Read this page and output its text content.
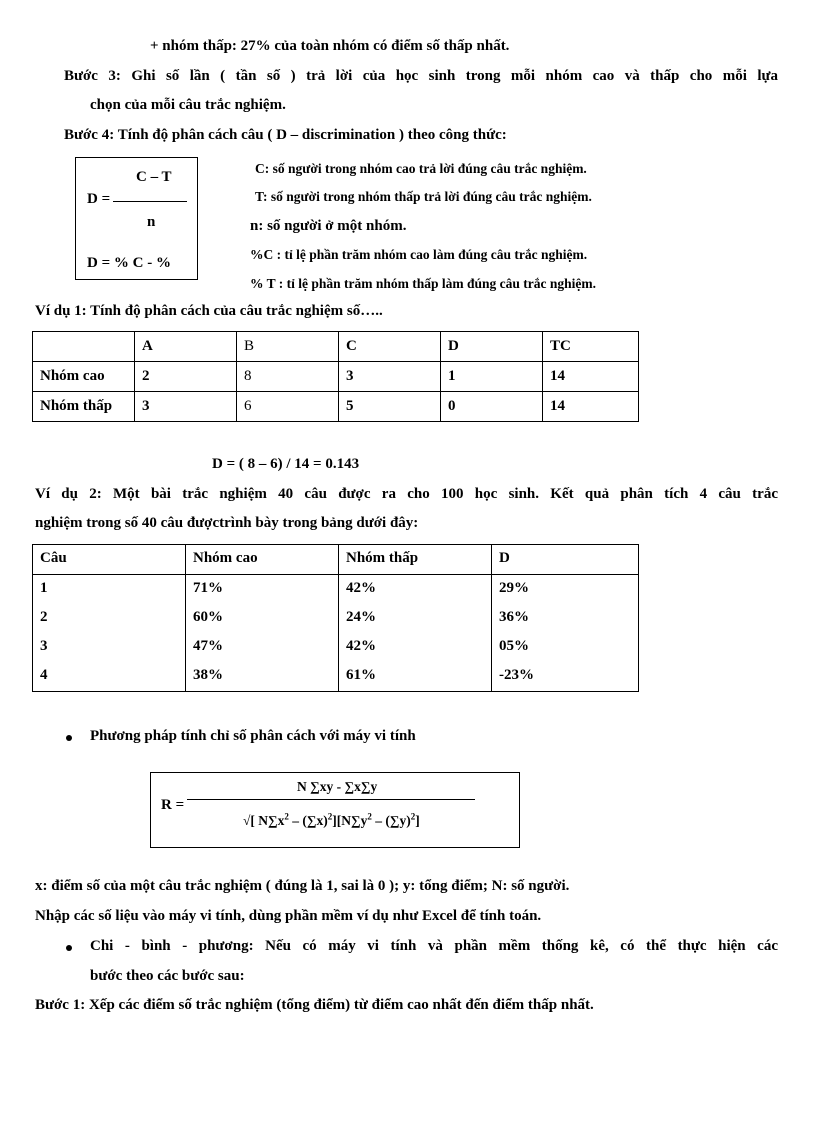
+ nhóm thấp: 27% của toàn nhóm có điểm số thấp nhất.
Bước 3: Ghi số lần ( tần số ) trả lời của học sinh trong mỗi nhóm cao và thấp cho mỗi lựa
chọn của mỗi câu trắc nghiệm.
Bước 4: Tính độ phân cách câu ( D – discrimination ) theo công thức:
C – T
D =
n
D = % C - %
C: số người trong nhóm cao trả lời đúng câu trắc nghiệm.
T: số người trong nhóm thấp trả lời đúng câu trắc nghiệm.
n: số người ở một nhóm.
%C : tỉ lệ phần trăm nhóm cao làm đúng câu trắc nghiệm.
% T : tỉ lệ phần trăm nhóm thấp làm đúng câu trắc nghiệm.
Ví dụ 1: Tính độ phân cách của câu trắc nghiệm số…..
	A	B	C	D	TC
Nhóm cao	2	8	3	1	14
Nhóm thấp	3	6	5	0	14
D = ( 8 – 6) / 14 = 0.143
Ví dụ 2: Một bài trắc nghiệm 40 câu được ra cho 100 học sinh. Kết quả phân tích 4 câu trắc
nghiệm trong số 40 câu đượctrình bày trong bảng dưới đây:
Câu	Nhóm cao	Nhóm thấp	D
1	71%	42%	29%
2	60%	24%	36%
3	47%	42%	05%
4	38%	61%	-23%
Phương pháp tính chỉ số phân cách với máy vi tính
R =
N ∑xy - ∑x∑y
√[ $N\sum x^2 - (\sum x)^2][N\sum y^2 - (\sum y)^2]$
x: điểm số của một câu trắc nghiệm ( đúng là 1, sai là 0 ); y: tổng điểm; N: số người.
Nhập các số liệu vào máy vi tính, dùng phần mềm ví dụ như Excel để tính toán.
Chi - bình - phương: Nếu có máy vi tính và phần mềm thống kê, có thể thực hiện các
bước theo các bước sau:
Bước 1: Xếp các điểm số trắc nghiệm (tổng điểm) từ điểm cao nhất đến điểm thấp nhất.
